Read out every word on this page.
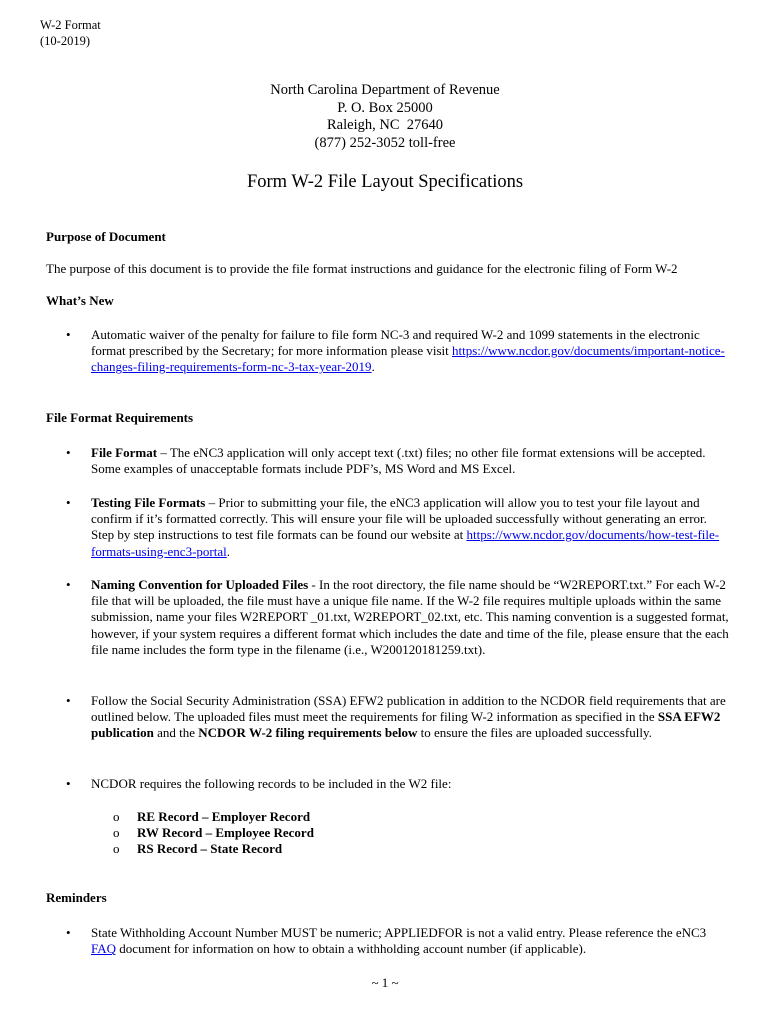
W-2 Format
(10-2019)
North Carolina Department of Revenue
P. O. Box 25000
Raleigh, NC  27640
(877) 252-3052 toll-free
Form W-2 File Layout Specifications
Purpose of Document
The purpose of this document is to provide the file format instructions and guidance for the electronic filing of Form W-2
What’s New
• Automatic waiver of the penalty for failure to file form NC-3 and required W-2 and 1099 statements in the electronic format prescribed by the Secretary; for more information please visit https://www.ncdor.gov/documents/important-notice-changes-filing-requirements-form-nc-3-tax-year-2019.
File Format Requirements
• File Format – The eNC3 application will only accept text (.txt) files; no other file format extensions will be accepted. Some examples of unacceptable formats include PDF’s, MS Word and MS Excel.
• Testing File Formats – Prior to submitting your file, the eNC3 application will allow you to test your file layout and confirm if it’s formatted correctly. This will ensure your file will be uploaded successfully without generating an error. Step by step instructions to test file formats can be found our website at https://www.ncdor.gov/documents/how-test-file-formats-using-enc3-portal.
• Naming Convention for Uploaded Files - In the root directory, the file name should be “W2REPORT.txt.” For each W-2 file that will be uploaded, the file must have a unique file name. If the W-2 file requires multiple uploads within the same submission, name your files W2REPORT _01.txt, W2REPORT_02.txt, etc. This naming convention is a suggested format, however, if your system requires a different format which includes the date and time of the file, please ensure that the each file name includes the form type in the filename (i.e., W200120181259.txt).
• Follow the Social Security Administration (SSA) EFW2 publication in addition to the NCDOR field requirements that are outlined below. The uploaded files must meet the requirements for filing W-2 information as specified in the SSA EFW2 publication and the NCDOR W-2 filing requirements below to ensure the files are uploaded successfully.
• NCDOR requires the following records to be included in the W2 file:
o RE Record – Employer Record
o RW Record – Employee Record
o RS Record – State Record
Reminders
• State Withholding Account Number MUST be numeric; APPLIEDFOR is not a valid entry. Please reference the eNC3 FAQ document for information on how to obtain a withholding account number (if applicable).
~ 1 ~
